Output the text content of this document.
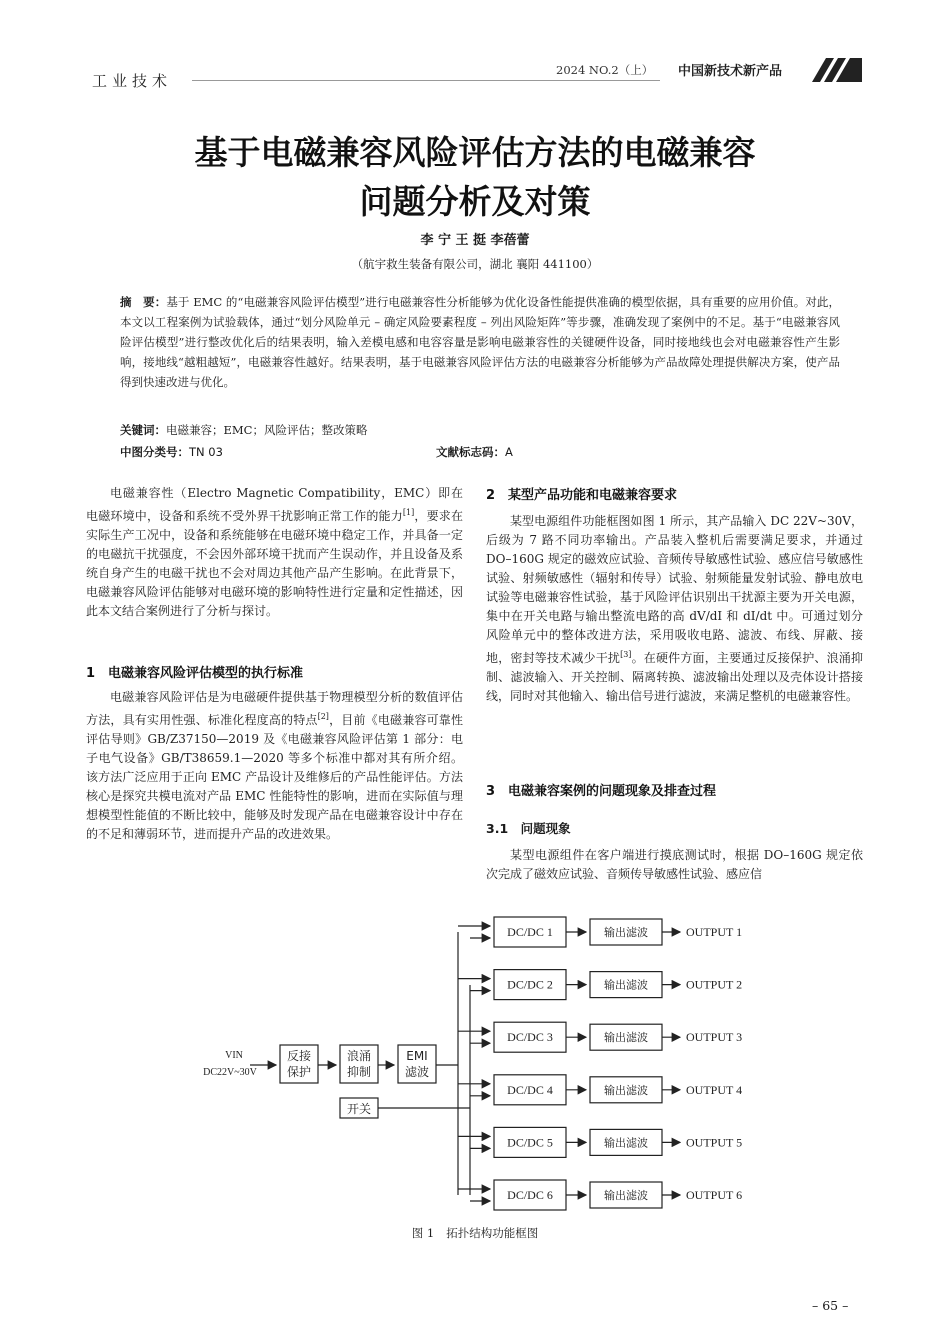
工业技术
2024 NO.2（上） 中国新技术新产品
基于电磁兼容风险评估方法的电磁兼容
问题分析及对策
李 宁 王 挺 李蓓蕾
（航宇救生装备有限公司，湖北 襄阳 441100）
摘　要：基于 EMC 的“电磁兼容风险评估模型”进行电磁兼容性分析能够为优化设备性能提供准确的模型依据，具有重要的应用价值。对此，本文以工程案例为试验载体，通过“划分风险单元 – 确定风险要素程度 – 列出风险矩阵”等步骤，准确发现了案例中的不足。基于“电磁兼容风险评估模型”进行整改优化后的结果表明，输入差模电感和电容容量是影响电磁兼容性的关键硬件设备，同时接地线也会对电磁兼容性产生影响，接地线“越粗越短”，电磁兼容性越好。结果表明，基于电磁兼容风险评估方法的电磁兼容分析能够为产品故障处理提供解决方案，使产品得到快速改进与优化。
关键词：电磁兼容；EMC；风险评估；整改策略
中图分类号：TN 03	文献标志码：A

电磁兼容性（Electro Magnetic Compatibility，EMC）即在电磁环境中，设备和系统不受外界干扰影响正常工作的能力[1]，要求在实际生产工况中，设备和系统能够在电磁环境中稳定工作，并具备一定的电磁抗干扰强度，不会因外部环境干扰而产生误动作，并且设备及系统自身产生的电磁干扰也不会对周边其他产品产生影响。在此背景下，电磁兼容风险评估能够对电磁环境的影响特性进行定量和定性描述，因此本文结合案例进行了分析与探讨。

1　电磁兼容风险评估模型的执行标准

电磁兼容风险评估是为电磁硬件提供基于物理模型分析的数值评估方法，具有实用性强、标准化程度高的特点[2]，目前《电磁兼容可靠性评估导则》GB/Z37150—2019 及《电磁兼容风险评估第 1 部分：电子电气设备》GB/T38659.1—2020 等多个标准中都对其有所介绍。该方法广泛应用于正向 EMC 产品设计及维修后的产品性能评估。方法核心是探究共模电流对产品 EMC 性能特性的影响，进而在实际值与理想模型性能值的不断比较中，能够及时发现产品在电磁兼容设计中存在的不足和薄弱环节，进而提升产品的改进效果。

2　某型产品功能和电磁兼容要求

某型电源组件功能框图如图 1 所示，其产品输入 DC 22V~30V，后级为 7 路不同功率输出。产品装入整机后需要满足要求，并通过 DO–160G 规定的磁效应试验、音频传导敏感性试验、感应信号敏感性试验、射频敏感性（辐射和传导）试验、射频能量发射试验、静电放电试验等电磁兼容性试验，基于风险评估识别出干扰源主要为开关电源，集中在开关电路与输出整流电路的高 dV/dI 和 dI/dt 中。可通过划分风险单元中的整体改进方法，采用吸收电路、滤波、布线、屏蔽、接地，密封等技术减少干扰[3]。在硬件方面，主要通过反接保护、浪涌抑制、滤波输入、开关控制、隔离转换、滤波输出处理以及壳体设计搭接线，同时对其他输入、输出信号进行滤波，来满足整机的电磁兼容性。

3　电磁兼容案例的问题现象及排查过程
3.1　问题现象

某型电源组件在客户端进行摸底测试时，根据 DO–160G 规定依次完成了磁效应试验、音频传导敏感性试验、感应信

VIN
DC22V~30V
反接
保护
浪涌
抑制
EMI
滤波
开关
DC/DC 1	输出滤波	OUTPUT 1
DC/DC 2	输出滤波	OUTPUT 2
DC/DC 3	输出滤波	OUTPUT 3
DC/DC 4	输出滤波	OUTPUT 4
DC/DC 5	输出滤波	OUTPUT 5
DC/DC 6	输出滤波	OUTPUT 6
图 1 拓扑结构功能框图
– 65 –
